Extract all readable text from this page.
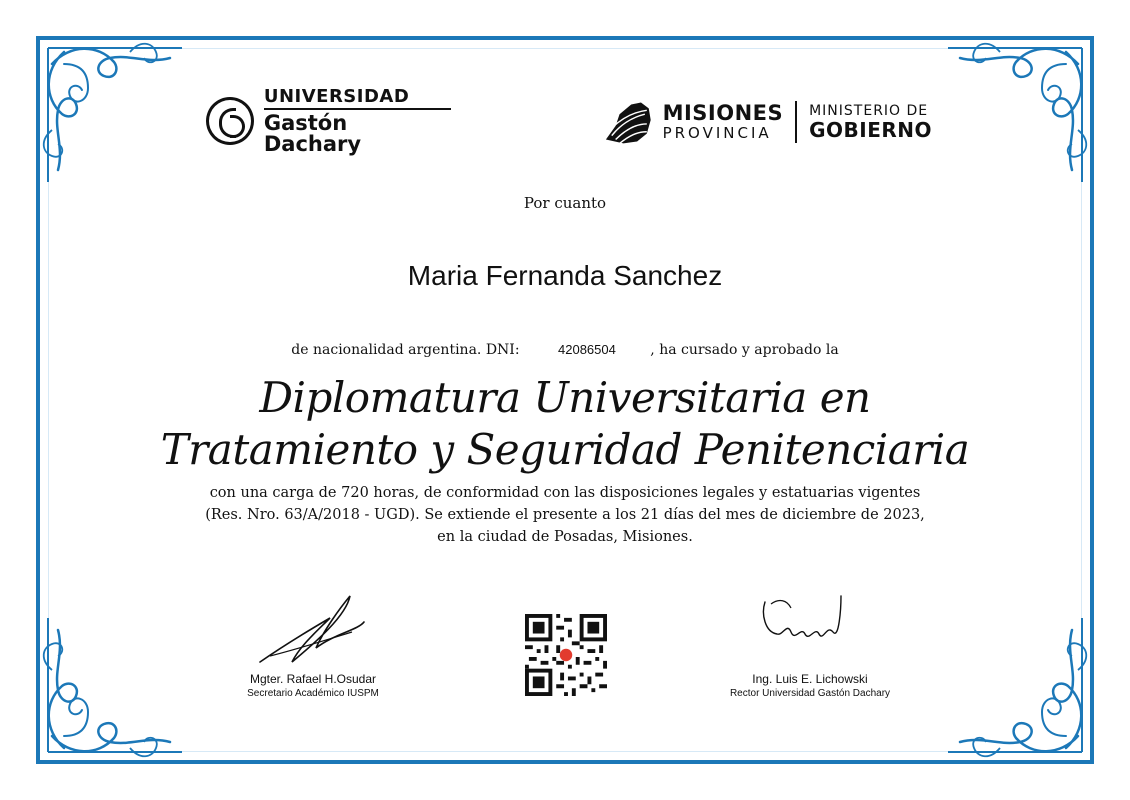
UNIVERSIDAD
Gastón Dachary
MISIONES
PROVINCIA
MINISTERIO DE
GOBIERNO
Por cuanto
Maria Fernanda Sanchez
de nacionalidad argentina. DNI:	42086504 , ha cursado y aprobado la
Diplomatura Universitaria en
Tratamiento y Seguridad Penitenciaria
con una carga de 720 horas, de conformidad con las disposiciones legales y estatuarias vigentes
(Res. Nro. 63/A/2018 - UGD). Se extiende el presente a los 21 días del mes de diciembre de 2023,
en la ciudad de Posadas, Misiones.
Mgter. Rafael H.Osudar
Secretario Académico IUSPM
Ing. Luis E. Lichowski
Rector Universidad Gastón Dachary
